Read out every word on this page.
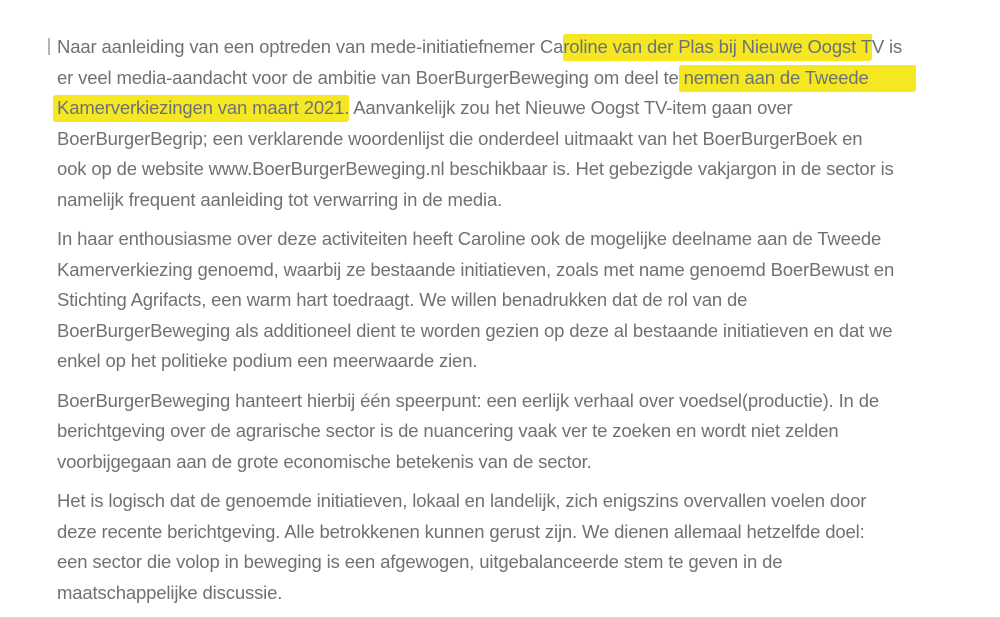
Naar aanleiding van een optreden van mede-initiatiefnemer Caroline van der Plas bij Nieuwe Oogst TV is
er veel media-aandacht voor de ambitie van BoerBurgerBeweging om deel te nemen aan de Tweede
Kamerverkiezingen van maart 2021. Aanvankelijk zou het Nieuwe Oogst TV-item gaan over
BoerBurgerBegrip; een verklarende woordenlijst die onderdeel uitmaakt van het BoerBurgerBoek en
ook op de website www.BoerBurgerBeweging.nl beschikbaar is. Het gebezigde vakjargon in de sector is
namelijk frequent aanleiding tot verwarring in de media.

In haar enthousiasme over deze activiteiten heeft Caroline ook de mogelijke deelname aan de Tweede
Kamerverkiezing genoemd, waarbij ze bestaande initiatieven, zoals met name genoemd BoerBewust en
Stichting Agrifacts, een warm hart toedraagt. We willen benadrukken dat de rol van de
BoerBurgerBeweging als additioneel dient te worden gezien op deze al bestaande initiatieven en dat we
enkel op het politieke podium een meerwaarde zien.

BoerBurgerBeweging hanteert hierbij één speerpunt: een eerlijk verhaal over voedsel(productie). In de
berichtgeving over de agrarische sector is de nuancering vaak ver te zoeken en wordt niet zelden
voorbijgegaan aan de grote economische betekenis van de sector.

Het is logisch dat de genoemde initiatieven, lokaal en landelijk, zich enigszins overvallen voelen door
deze recente berichtgeving. Alle betrokkenen kunnen gerust zijn. We dienen allemaal hetzelfde doel:
een sector die volop in beweging is een afgewogen, uitgebalanceerde stem te geven in de
maatschappelijke discussie.
